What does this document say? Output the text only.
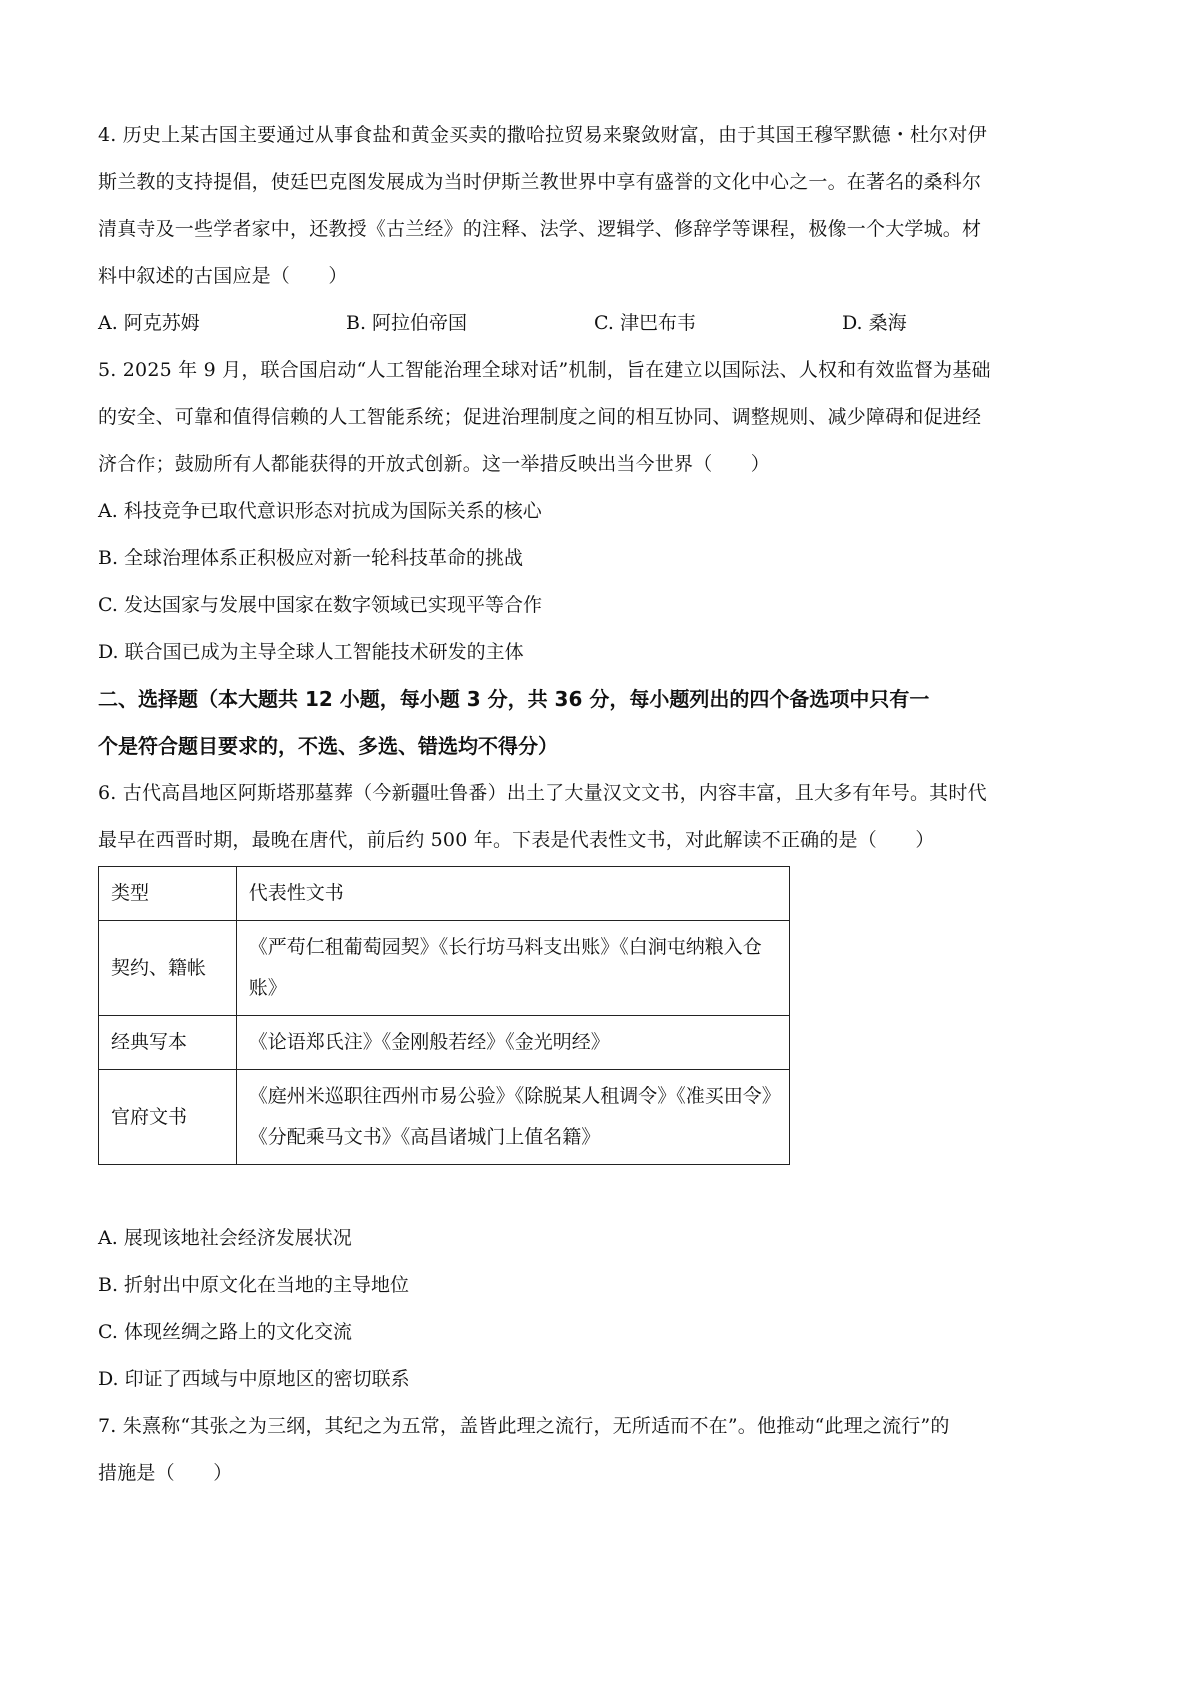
4. 历史上某古国主要通过从事食盐和黄金买卖的撒哈拉贸易来聚敛财富，由于其国王穆罕默德・杜尔对伊
斯兰教的支持提倡，使廷巴克图发展成为当时伊斯兰教世界中享有盛誉的文化中心之一。在著名的桑科尔
清真寺及一些学者家中，还教授《古兰经》的注释、法学、逻辑学、修辞学等课程，极像一个大学城。材
料中叙述的古国应是（　　）
A. 阿克苏姆	B. 阿拉伯帝国	C. 津巴布韦	D. 桑海
5. 2025 年 9 月，联合国启动“人工智能治理全球对话”机制，旨在建立以国际法、人权和有效监督为基础
的安全、可靠和值得信赖的人工智能系统；促进治理制度之间的相互协同、调整规则、减少障碍和促进经
济合作；鼓励所有人都能获得的开放式创新。这一举措反映出当今世界（　　）
A. 科技竞争已取代意识形态对抗成为国际关系的核心
B. 全球治理体系正积极应对新一轮科技革命的挑战
C. 发达国家与发展中国家在数字领域已实现平等合作
D. 联合国已成为主导全球人工智能技术研发的主体
二、选择题（本大题共 12 小题，每小题 3 分，共 36 分，每小题列出的四个备选项中只有一
个是符合题目要求的，不选、多选、错选均不得分）
6. 古代高昌地区阿斯塔那墓葬（今新疆吐鲁番）出土了大量汉文文书，内容丰富，且大多有年号。其时代
最早在西晋时期，最晚在唐代，前后约 500 年。下表是代表性文书，对此解读不正确的是（　　）
类型	代表性文书
契约、籍帐	《严苟仁租葡萄园契》《长行坊马料支出账》《白涧屯纳粮入仓账》
经典写本	《论语郑氏注》《金刚般若经》《金光明经》
官府文书	《庭州米巡职往西州市易公验》《除脱某人租调令》《准买田令》《分配乘马文书》《高昌诸城门上值名籍》
A. 展现该地社会经济发展状况
B. 折射出中原文化在当地的主导地位
C. 体现丝绸之路上的文化交流
D. 印证了西域与中原地区的密切联系
7. 朱熹称“其张之为三纲，其纪之为五常，盖皆此理之流行，无所适而不在”。他推动“此理之流行”的
措施是（　　）
